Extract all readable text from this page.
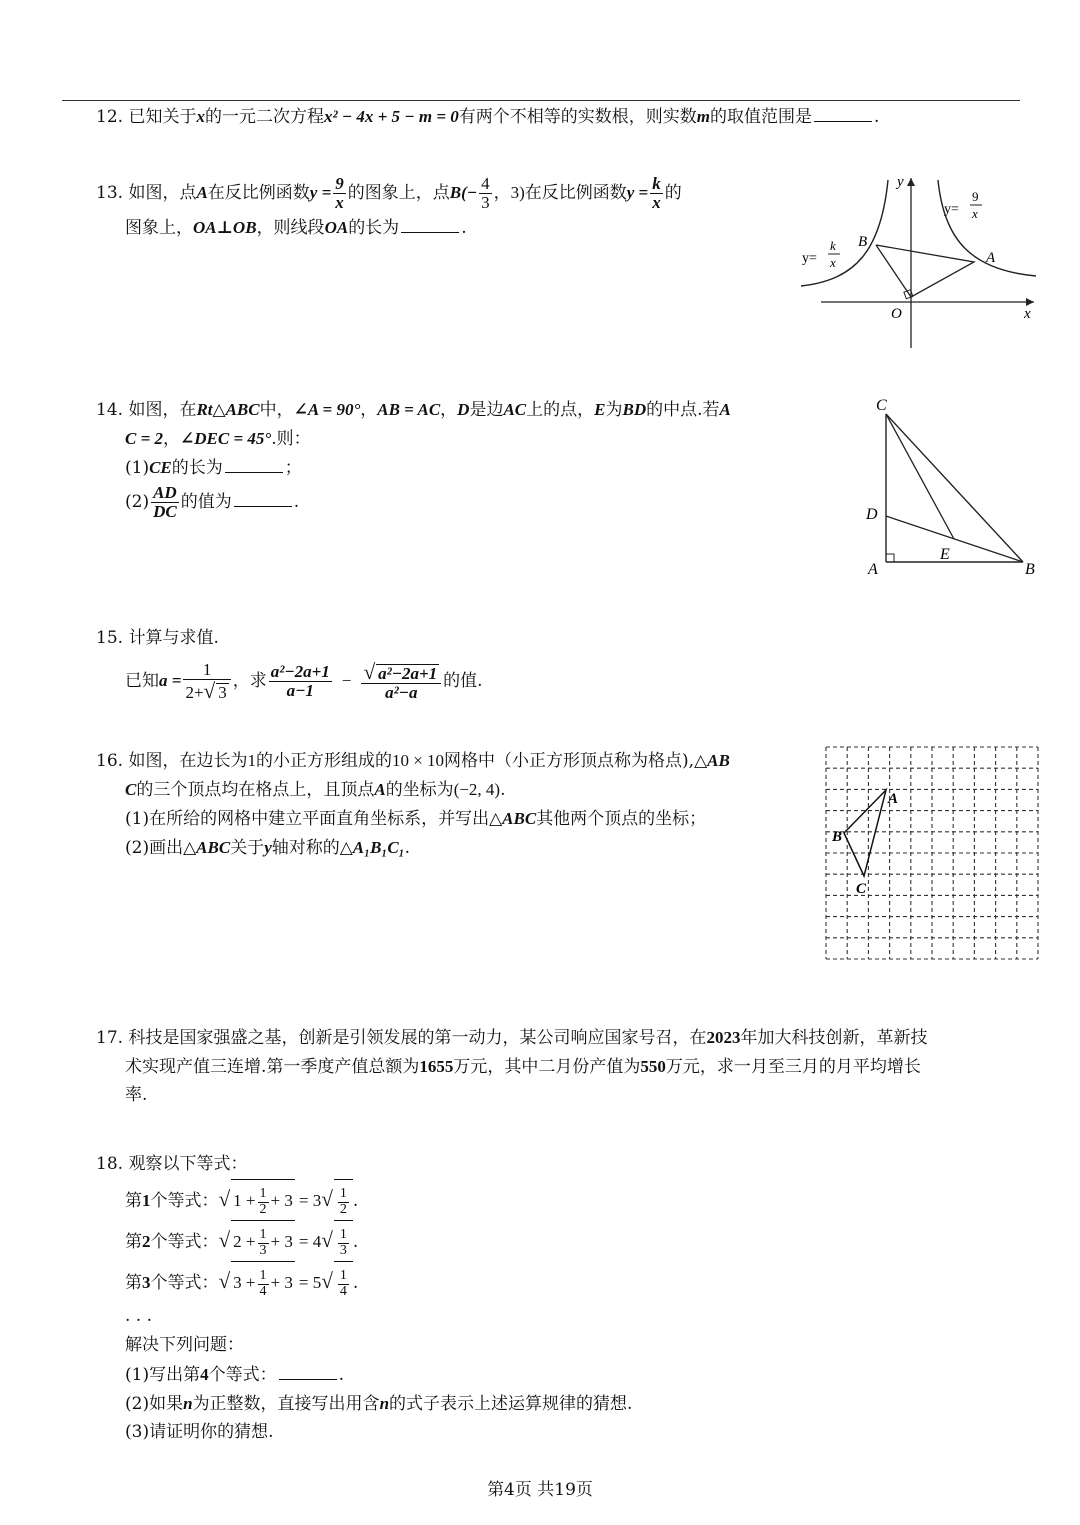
12. 已知关于x的一元二次方程x² − 4x + 5 − m = 0有两个不相等的实数根，则实数m的取值范围是	.
13. 如图，点A在反比例函数$y = \frac{9}{x}$ 的图象上，点$B(- \frac{4}{3}$ ，3)在反比例函数$y = \frac{k}{x}$ 的
图象上，OA⊥OB，则线段OA的长为	.
y
x
O
A
B
y=
9
x
y=
k
x
14. 如图，在Rt△ABC中，∠A = 90°，AB = AC，D是边AC上的点，E为BD的中点.若A
C = 2，∠DEC = 45°.则：
(1)CE的长为	；
$(2) \frac{AD}{DC}$ 的值为	.
C
D
A
E
B
15. 计算与求值.
已知$a = \frac{1}{2+√ 3}$ ，求 $\frac{\text{a²−2a+1}}{a-1} - \frac{\text{√ a²−2a+1}}{\text{a²−a}}$ 的值.
16. 如图，在边长为1的小正方形组成的10 × 10网格中（小正方形顶点称为格点),△AB
C的三个顶点均在格点上，且顶点A的坐标为(−2, 4).
(1)在所给的网格中建立平面直角坐标系，并写出△ABC其他两个顶点的坐标；
(2)画出△ABC关于y轴对称的△A₁B₁C₁.
A
B
C
17. 科技是国家强盛之基，创新是引领发展的第一动力，某公司响应国家号召，在2023年加大科技创新，革新技
术实现产值三连增.第一季度产值总额为1655万元，其中二月份产值为550万元，求一月至三月的月平均增长
率.
18. 观察以下等式：
第1个等式：√ $1 + \frac{1}{2} + 3 = 3√ \frac{1}{2}$ .
第2个等式：√ $2 + \frac{1}{3} + 3 = 4√ \frac{1}{3}$ .
第3个等式：√ $3 + \frac{1}{4} + 3 = 5√ \frac{1}{4}$ .
. . .
解决下列问题：
(1)写出第4个等式：	.
(2)如果n为正整数，直接写出用含n的式子表示上述运算规律的猜想.
(3)请证明你的猜想.
第4页 共19页
